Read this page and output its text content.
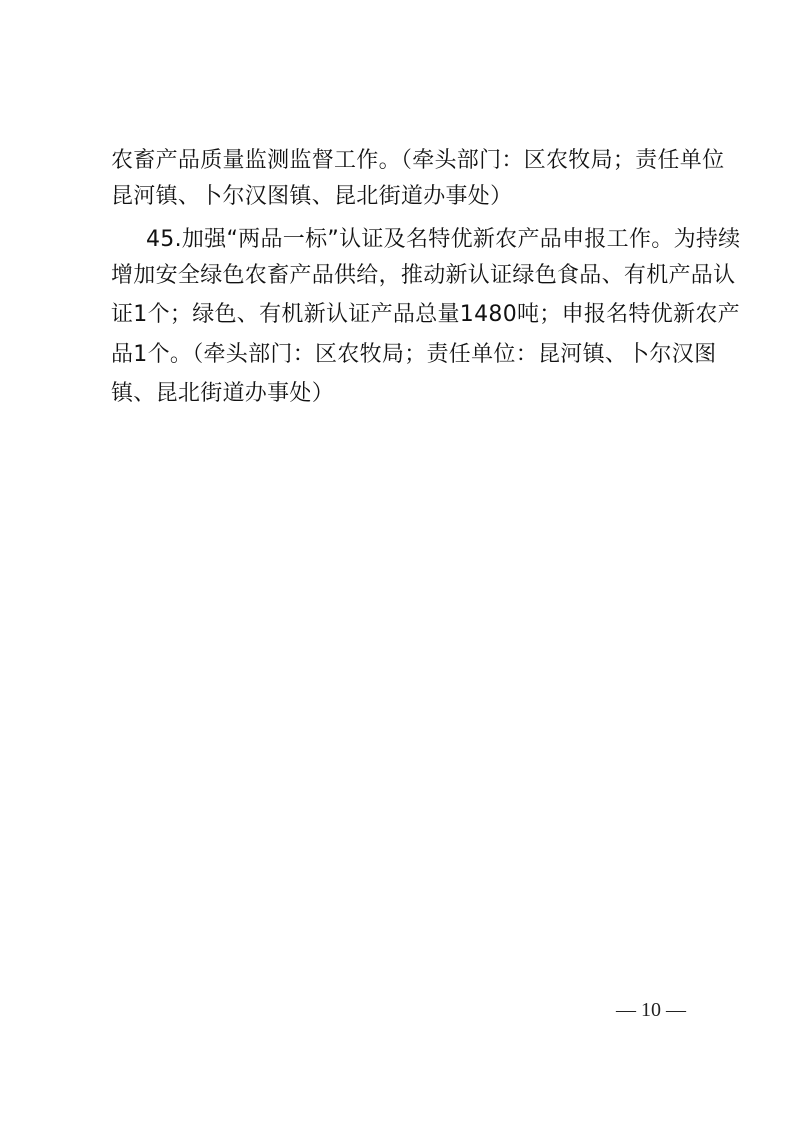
农畜产品质量监测监督工作。（牵头部门：区农牧局；责任单位
昆河镇、卜尔汉图镇、昆北街道办事处）
45.加强“两品一标”认证及名特优新农产品申报工作。为持续
增加安全绿色农畜产品供给，推动新认证绿色食品、有机产品认
证1个；绿色、有机新认证产品总量1480吨；申报名特优新农产
品1个。（牵头部门：区农牧局；责任单位：昆河镇、卜尔汉图
镇、昆北街道办事处）
— 10 —
